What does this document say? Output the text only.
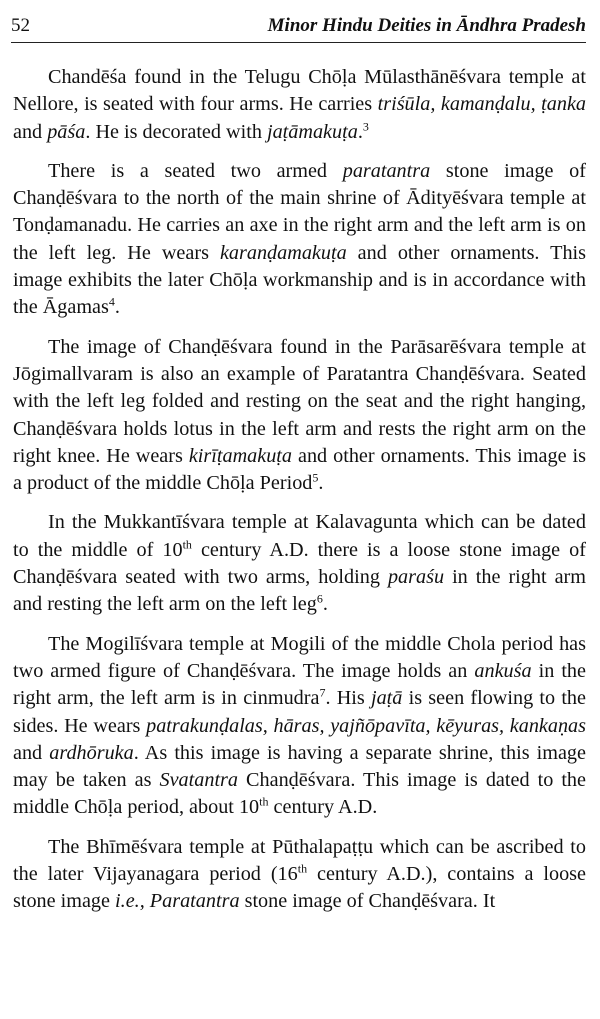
52	Minor Hindu Deities in Āndhra Pradesh

Chandēśa found in the Telugu Chōḷa Mūlasthānēśvara temple at Nellore, is seated with four arms. He carries triśūla, kamanḍalu, ṭanka and pāśa. He is decorated with jaṭāmakuṭa.$^3$

There is a seated two armed paratantra stone image of Chanḍēśvara to the north of the main shrine of Ādityēśvara temple at Tonḍamanadu. He carries an axe in the right arm and the left arm is on the left leg. He wears karanḍamakuṭa and other ornaments. This image exhibits the later Chōḷa workmanship and is in accordance with the Āgamas$^4$.

The image of Chanḍēśvara found in the Parāsarēśvara temple at Jōgimallvaram is also an example of Paratantra Chanḍēśvara. Seated with the left leg folded and resting on the seat and the right hanging, Chanḍēśvara holds lotus in the left arm and rests the right arm on the right knee. He wears kirīṭamakuṭa and other ornaments. This image is a product of the middle Chōḷa Period$^5$.

In the Mukkantīśvara temple at Kalavagunta which can be dated to the middle of 10th century A.D. there is a loose stone image of Chanḍēśvara seated with two arms, holding paraśu in the right arm and resting the left arm on the left leg$^6$.

The Mogilīśvara temple at Mogili of the middle Chola period has two armed figure of Chanḍēśvara. The image holds an ankuśa in the right arm, the left arm is in cinmudra$^7$. His jaṭā is seen flowing to the sides. He wears patrakunḍalas, hāras, yajñōpavīta, kēyuras, kankaṇas and ardhōruka. As this image is having a separate shrine, this image may be taken as Svatantra Chanḍēśvara. This image is dated to the middle Chōḷa period, about 10th century A.D.

The Bhīmēśvara temple at Pūthalapaṭṭu which can be ascribed to the later Vijayanagara period (16th century A.D.), contains a loose stone image i.e., Paratantra stone image of Chanḍēśvara. It
